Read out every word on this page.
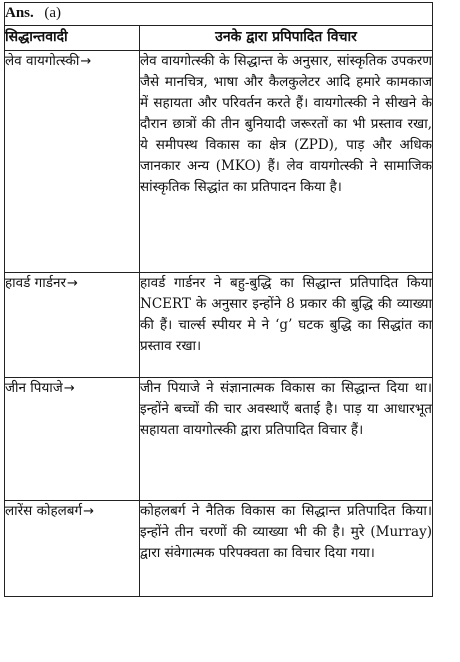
Ans. (a)	
सिद्धान्तवादी	उनके द्वारा प्रपिपादित विचार
लेव वायगोत्स्की→	लेव वायगोत्स्की के सिद्धान्त के अनुसार, सांस्कृतिक उपकरण जैसे मानचित्र, भाषा और कैलकुलेटर आदि हमारे कामकाज में सहायता और परिवर्तन करते हैं। वायगोत्स्की ने सीखने के दौरान छात्रों की तीन बुनियादी जरूरतों का भी प्रस्ताव रखा, ये समीपस्थ विकास का क्षेत्र (ZPD), पाड़ और अधिक जानकार अन्य (MKO) हैं। लेव वायगोत्स्की ने सामाजिक सांस्कृतिक सिद्धांत का प्रतिपादन किया है।
हावर्ड गार्डनर→	हावर्ड गार्डनर ने बहु-बुद्धि का सिद्धान्त प्रतिपादित किया NCERT के अनुसार इन्होंने 8 प्रकार की बुद्धि की व्याख्या की हैं। चार्ल्स स्पीयर मे ने ‘g’ घटक बुद्धि का सिद्धांत का प्रस्ताव रखा।
जीन पियाजे→	जीन पियाजे ने संज्ञानात्मक विकास का सिद्धान्त दिया था। इन्होंने बच्चों की चार अवस्थाएँ बताई है। पाड़ या आधारभूत सहायता वायगोत्स्की द्वारा प्रतिपादित विचार हैं।
लारेंस कोहलबर्ग→	कोहलबर्ग ने नैतिक विकास का सिद्धान्त प्रतिपादित किया। इन्होंने तीन चरणों की व्याख्या भी की है। मुरे (Murray) द्वारा संवेगात्मक परिपक्वता का विचार दिया गया।
